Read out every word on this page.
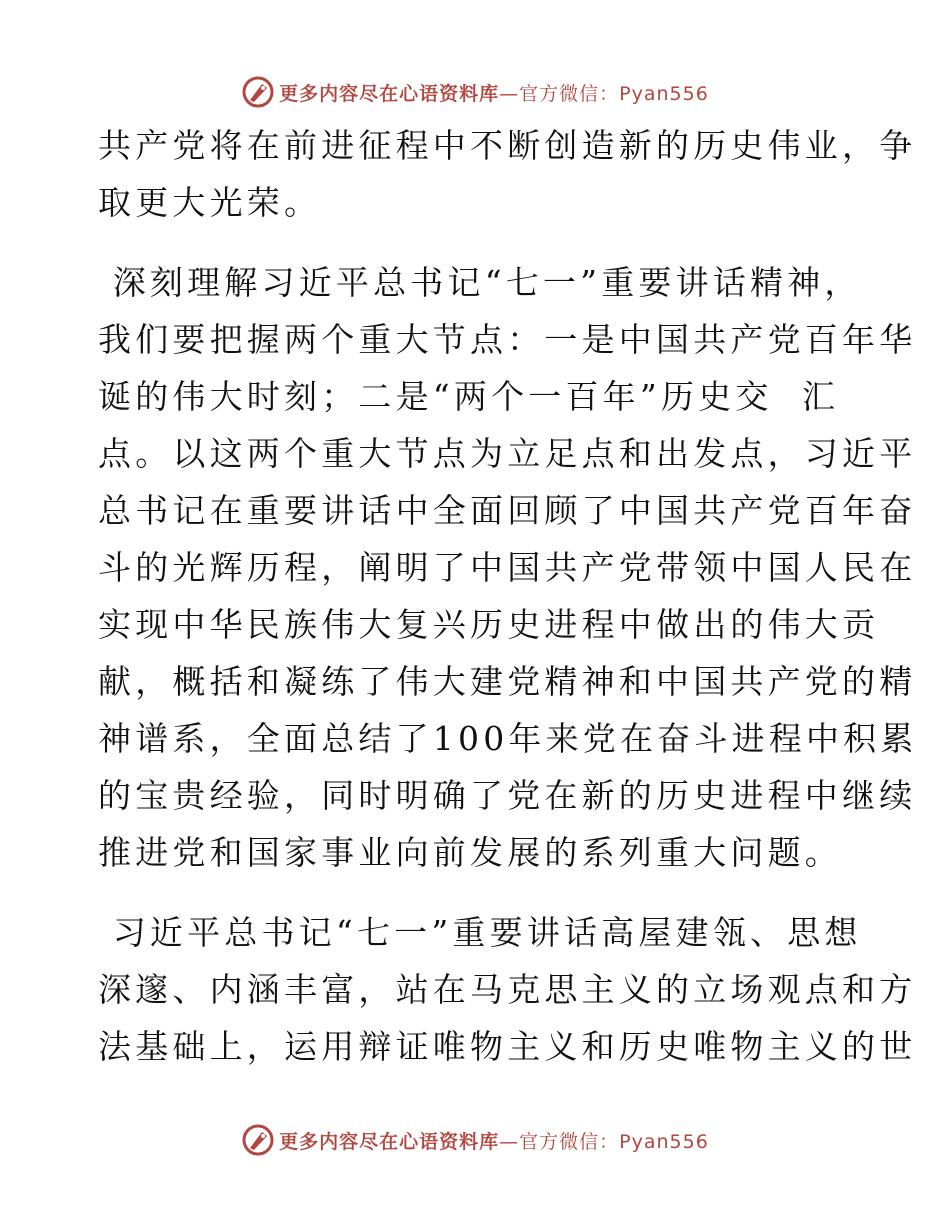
更多内容尽在心语资料库 —官方微信：Pyan556
共产党将在前进征程中不断创造新的历史伟业，争
取更大光荣。
深刻理解习近平总书记“七一”重要讲话精神，
我们要把握两个重大节点：一是中国共产党百年华
诞的伟大时刻；二是“两个一百年”历史交  汇
点。以这两个重大节点为立足点和出发点，习近平
总书记在重要讲话中全面回顾了中国共产党百年奋
斗的光辉历程，阐明了中国共产党带领中国人民在
实现中华民族伟大复兴历史进程中做出的伟大贡
献，概括和凝练了伟大建党精神和中国共产党的精
神谱系，全面总结了100年来党在奋斗进程中积累
的宝贵经验，同时明确了党在新的历史进程中继续
推进党和国家事业向前发展的系列重大问题。
习近平总书记“七一”重要讲话高屋建瓴、思想
深邃、内涵丰富，站在马克思主义的立场观点和方
法基础上，运用辩证唯物主义和历史唯物主义的世
更多内容尽在心语资料库 —官方微信：Pyan556
